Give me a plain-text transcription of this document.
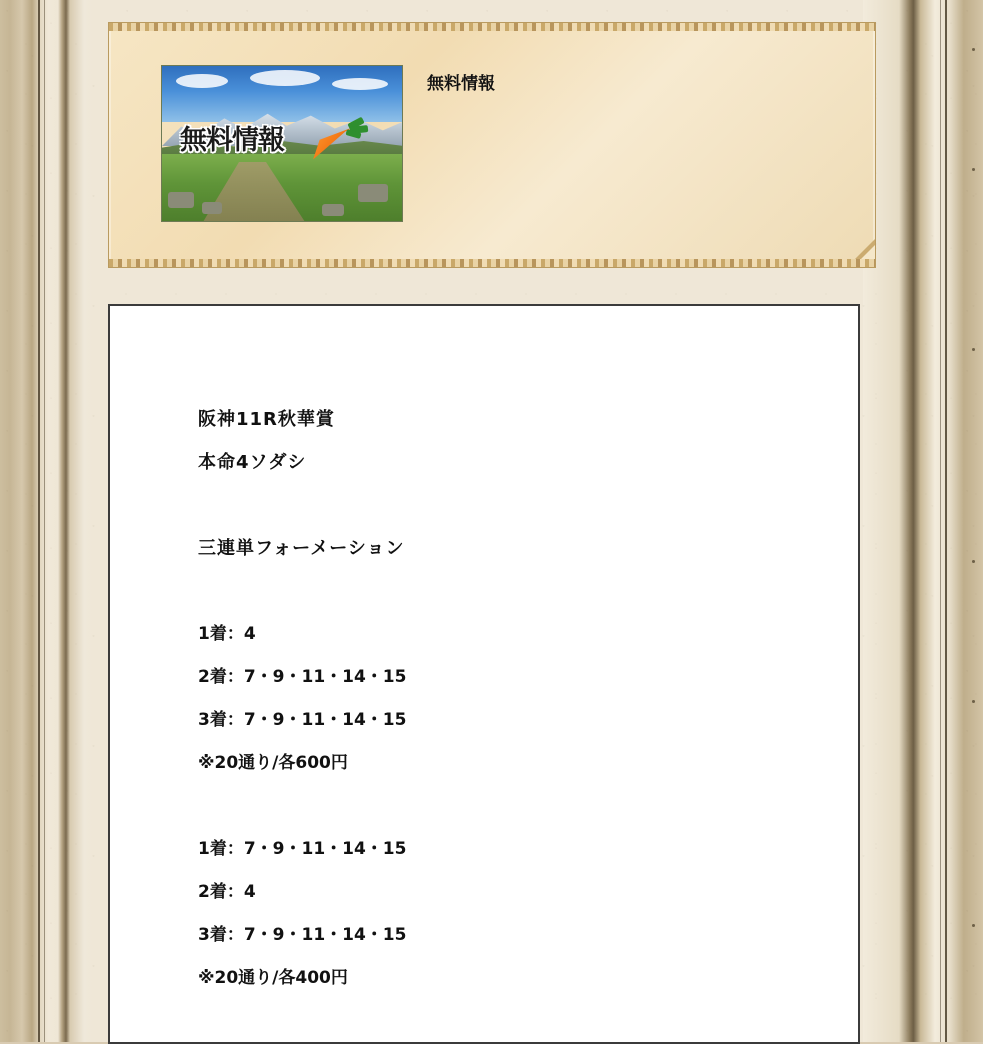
無料情報
無料情報
阪神11R秋華賞
本命4ソダシ
三連単フォーメーション
1着：4
2着：7・9・11・14・15
3着：7・9・11・14・15
※20通り/各600円
1着：7・9・11・14・15
2着：4
3着：7・9・11・14・15
※20通り/各400円
